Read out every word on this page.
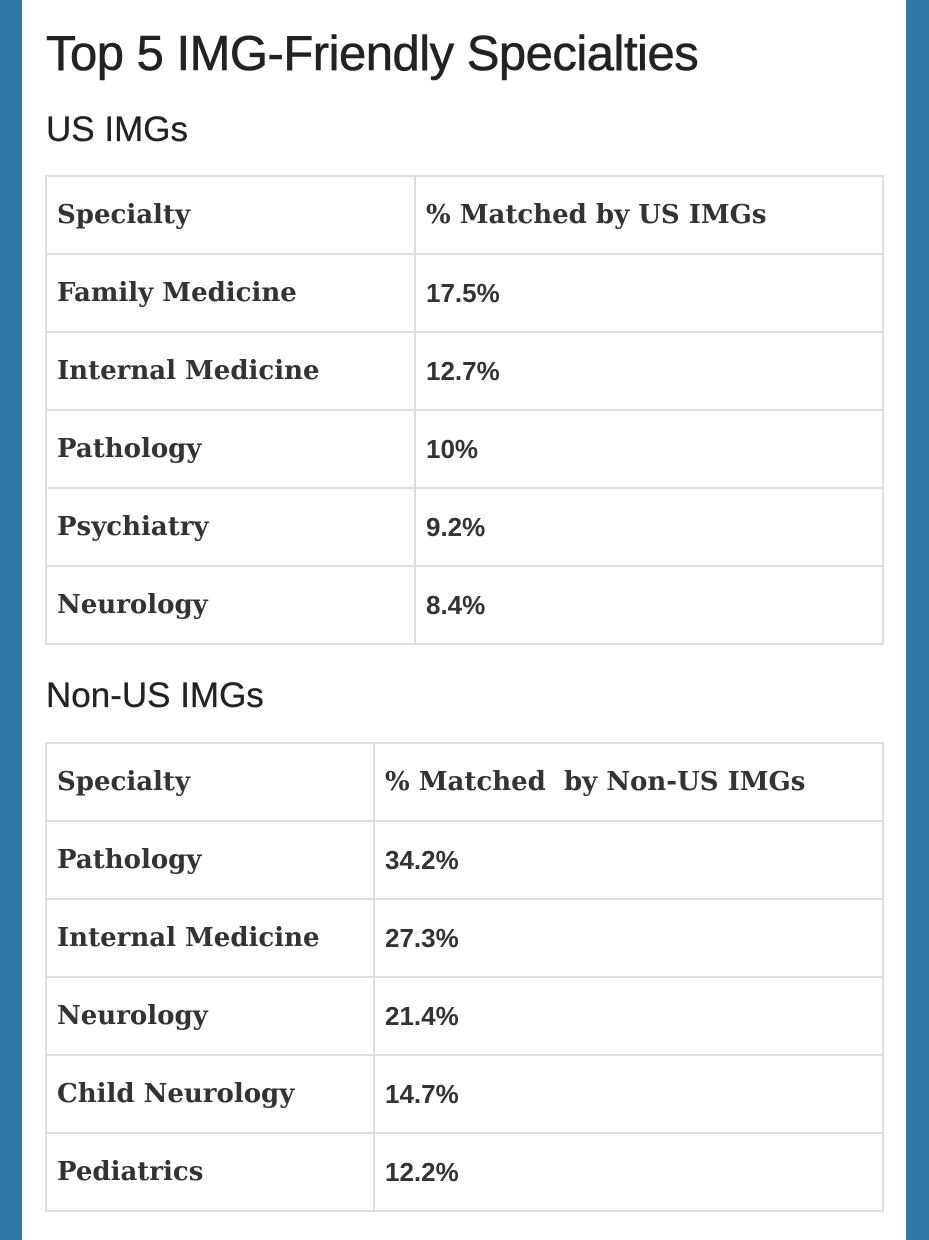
Top 5 IMG-Friendly Specialties
US IMGs
Specialty	% Matched by US IMGs
Family Medicine	17.5%
Internal Medicine	12.7%
Pathology	10%
Psychiatry	9.2%
Neurology	8.4%
Non-US IMGs
Specialty	% Matched  by Non-US IMGs
Pathology	34.2%
Internal Medicine	27.3%
Neurology	21.4%
Child Neurology	14.7%
Pediatrics	12.2%
